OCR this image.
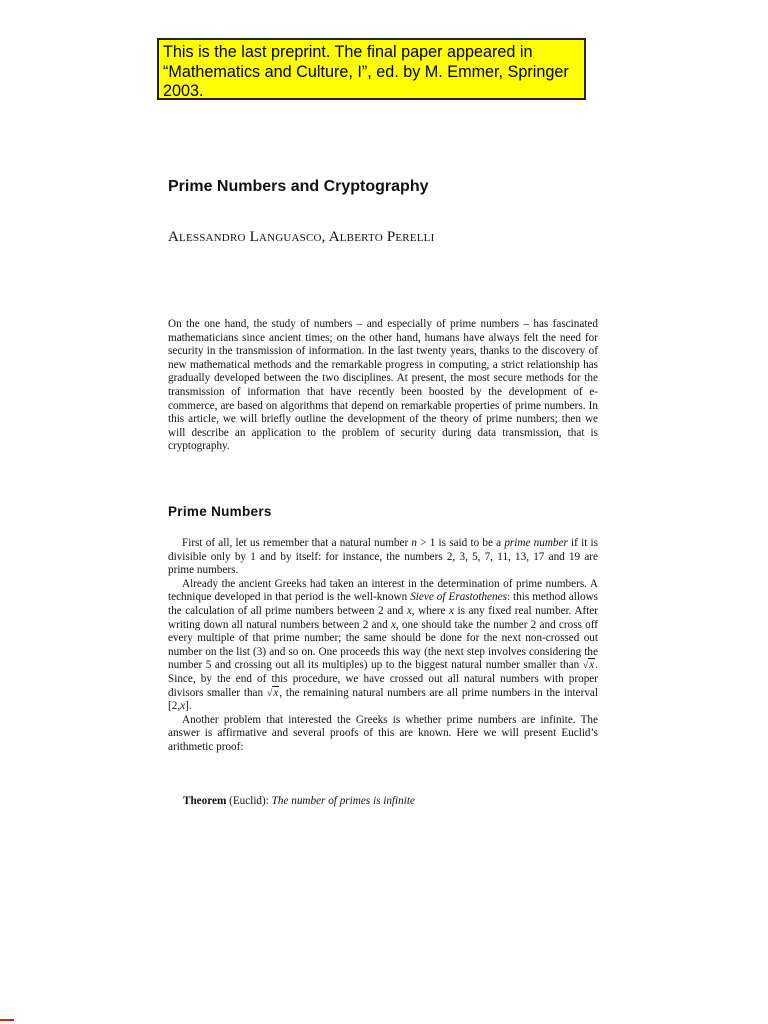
This is the last preprint. The final paper appeared in “Mathematics and Culture, I”, ed. by M. Emmer, Springer 2003.
Prime Numbers and Cryptography
Alessandro Languasco, Alberto Perelli

On the one hand, the study of numbers – and especially of prime numbers – has fascinated mathematicians since ancient times; on the other hand, humans have always felt the need for security in the transmission of information. In the last twenty years, thanks to the discovery of new mathematical methods and the remarkable progress in computing, a strict relationship has gradually developed between the two disciplines. At present, the most secure methods for the transmission of information that have recently been boosted by the development of e-commerce, are based on algorithms that depend on remarkable properties of prime numbers. In this article, we will briefly outline the development of the theory of prime numbers; then we will describe an application to the problem of security during data transmission, that is cryptography.

Prime Numbers

First of all, let us remember that a natural number n > 1 is said to be a prime number if it is divisible only by 1 and by itself: for instance, the numbers 2, 3, 5, 7, 11, 13, 17 and 19 are prime numbers.

Already the ancient Greeks had taken an interest in the determination of prime numbers. A technique developed in that period is the well-known Sieve of Erastothenes: this method allows the calculation of all prime numbers between 2 and x, where x is any fixed real number. After writing down all natural numbers between 2 and x, one should take the number 2 and cross off every multiple of that prime number; the same should be done for the next non-crossed out number on the list (3) and so on. One proceeds this way (the next step involves considering the number 5 and crossing out all its multiples) up to the biggest natural number smaller than √x. Since, by the end of this procedure, we have crossed out all natural numbers with proper divisors smaller than √x, the remaining natural numbers are all prime numbers in the interval [2,x].

Another problem that interested the Greeks is whether prime numbers are infinite. The answer is affirmative and several proofs of this are known. Here we will present Euclid’s arithmetic proof:

Theorem (Euclid): The number of primes is infinite
